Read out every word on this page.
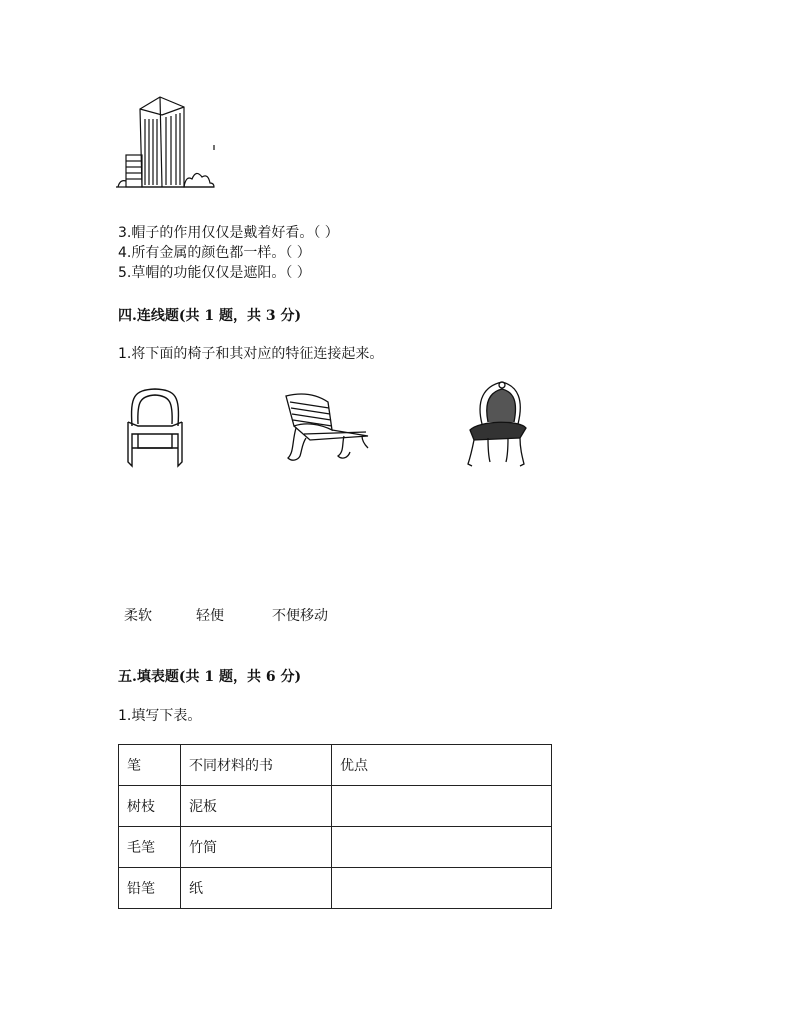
3.帽子的作用仅仅是戴着好看。（ ）
4.所有金属的颜色都一样。（ ）
5.草帽的功能仅仅是遮阳。（ ）
四.连线题(共 1 题，共 3 分)
1.将下面的椅子和其对应的特征连接起来。
柔软	轻便	不便移动
五.填表题(共 1 题，共 6 分)
1.填写下表。
笔	不同材料的书	优点
树枝	泥板	
毛笔	竹简	
铅笔	纸	
